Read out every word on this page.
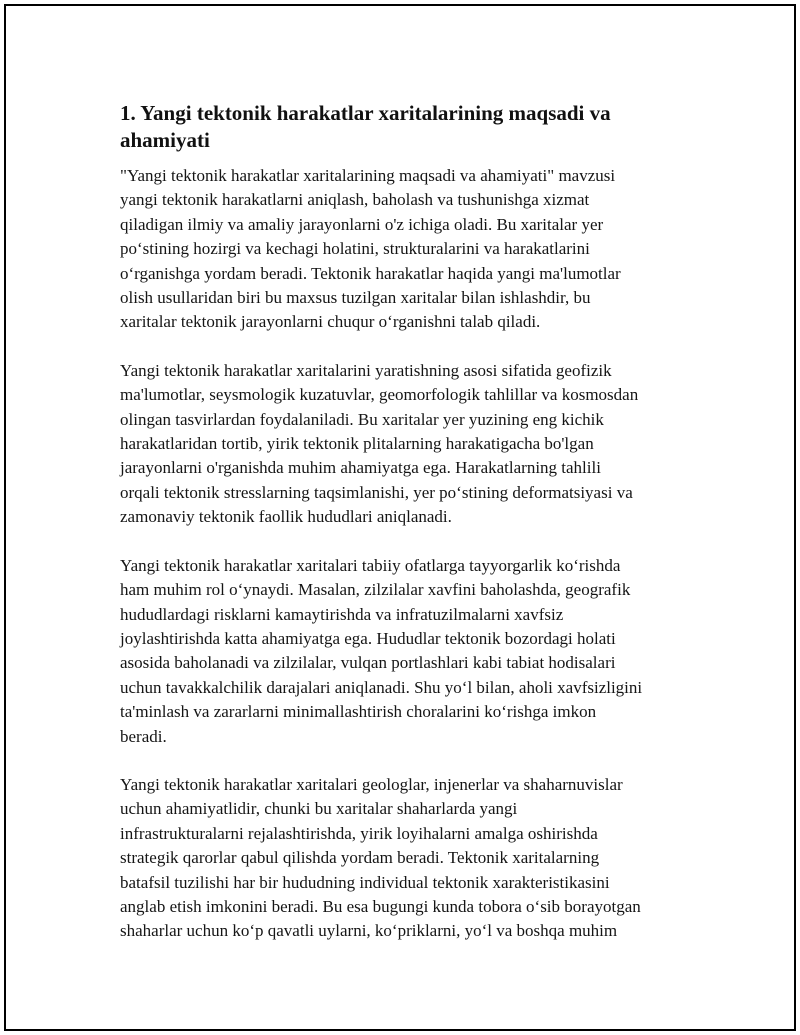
1. Yangi tektonik harakatlar xaritalarining maqsadi va
ahamiyati

"Yangi tektonik harakatlar xaritalarining maqsadi va ahamiyati" mavzusi
yangi tektonik harakatlarni aniqlash, baholash va tushunishga xizmat
qiladigan ilmiy va amaliy jarayonlarni o'z ichiga oladi. Bu xaritalar yer
po‘stining hozirgi va kechagi holatini, strukturalarini va harakatlarini
o‘rganishga yordam beradi. Tektonik harakatlar haqida yangi ma'lumotlar
olish usullaridan biri bu maxsus tuzilgan xaritalar bilan ishlashdir, bu
xaritalar tektonik jarayonlarni chuqur o‘rganishni talab qiladi.

Yangi tektonik harakatlar xaritalarini yaratishning asosi sifatida geofizik
ma'lumotlar, seysmologik kuzatuvlar, geomorfologik tahlillar va kosmosdan
olingan tasvirlardan foydalaniladi. Bu xaritalar yer yuzining eng kichik
harakatlaridan tortib, yirik tektonik plitalarning harakatigacha bo'lgan
jarayonlarni o'rganishda muhim ahamiyatga ega. Harakatlarning tahlili
orqali tektonik stresslarning taqsimlanishi, yer po‘stining deformatsiyasi va
zamonaviy tektonik faollik hududlari aniqlanadi.

Yangi tektonik harakatlar xaritalari tabiiy ofatlarga tayyorgarlik ko‘rishda
ham muhim rol o‘ynaydi. Masalan, zilzilalar xavfini baholashda, geografik
hududlardagi risklarni kamaytirishda va infratuzilmalarni xavfsiz
joylashtirishda katta ahamiyatga ega. Hududlar tektonik bozordagi holati
asosida baholanadi va zilzilalar, vulqan portlashlari kabi tabiat hodisalari
uchun tavakkalchilik darajalari aniqlanadi. Shu yo‘l bilan, aholi xavfsizligini
ta'minlash va zararlarni minimallashtirish choralarini ko‘rishga imkon
beradi.

Yangi tektonik harakatlar xaritalari geologlar, injenerlar va shaharnuvislar
uchun ahamiyatlidir, chunki bu xaritalar shaharlarda yangi
infrastrukturalarni rejalashtirishda, yirik loyihalarni amalga oshirishda
strategik qarorlar qabul qilishda yordam beradi. Tektonik xaritalarning
batafsil tuzilishi har bir hududning individual tektonik xarakteristikasini
anglab etish imkonini beradi. Bu esa bugungi kunda tobora o‘sib borayotgan
shaharlar uchun ko‘p qavatli uylarni, ko‘priklarni, yo‘l va boshqa muhim
